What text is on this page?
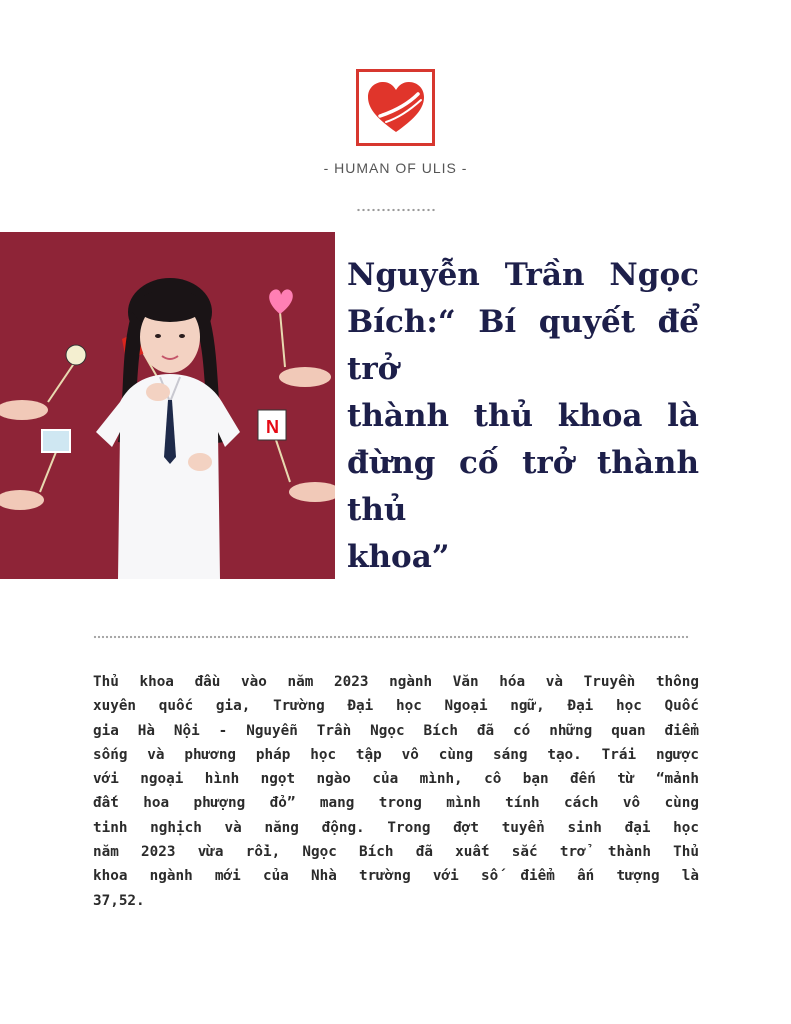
- HUMAN OF ULIS -
N
Nguyễn Trần Ngọc
Bích:“ Bí quyết để trở
thành thủ khoa là
đừng cố trở thành thủ
khoa”
Thủ khoa đầu vào năm 2023 ngành Văn hóa và Truyền thông
xuyên quốc gia, Trường Đại học Ngoại ngữ, Đại học Quốc
gia Hà Nội - Nguyễn Trần Ngọc Bích đã có những quan điểm
sống và phương pháp học tập vô cùng sáng tạo. Trái ngược
với ngoại hình ngọt ngào của mình, cô bạn đến từ “mảnh
đất hoa phượng đỏ” mang trong mình tính cách vô cùng
tinh nghịch và năng động. Trong đợt tuyển sinh đại học
năm 2023 vừa rồi, Ngọc Bích đã xuất sắc trở thành Thủ
khoa ngành mới của Nhà trường với số điểm ấn tượng là
37,52.
